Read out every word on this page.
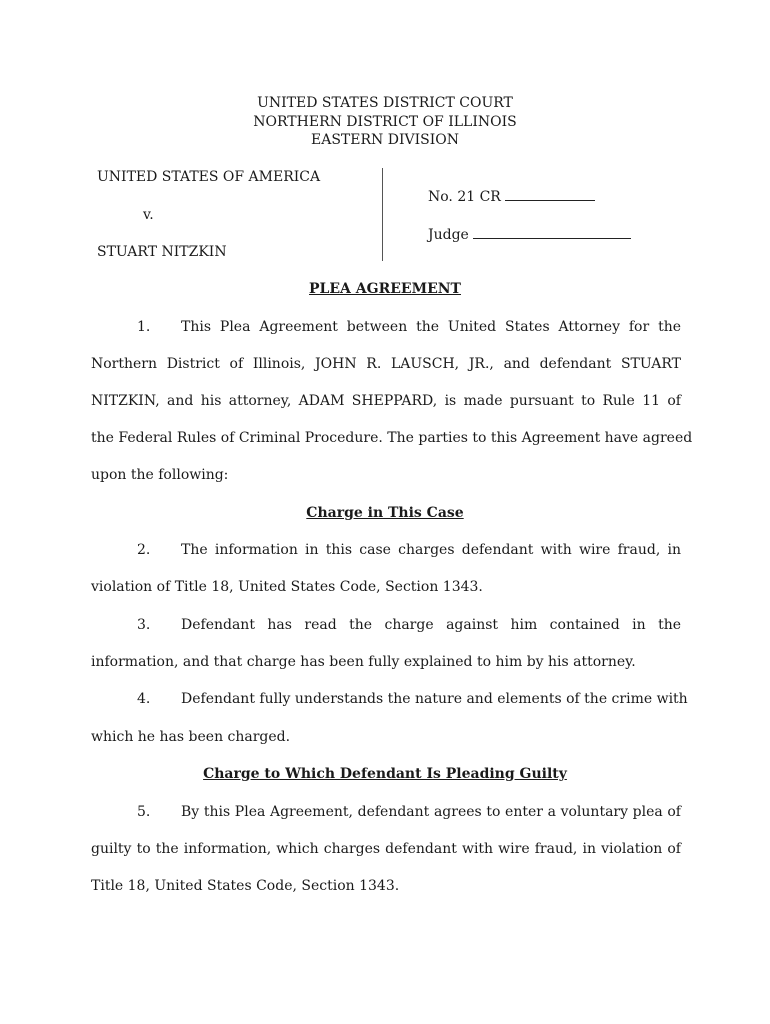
UNITED STATES DISTRICT COURT
NORTHERN DISTRICT OF ILLINOIS
EASTERN DIVISION
UNITED STATES OF AMERICA
v.
STUART NITZKIN
No. 21 CR
Judge
PLEA AGREEMENT
1. This Plea Agreement between the United States Attorney for the
Northern District of Illinois, JOHN R. LAUSCH, JR., and defendant STUART
NITZKIN, and his attorney, ADAM SHEPPARD, is made pursuant to Rule 11 of
the Federal Rules of Criminal Procedure. The parties to this Agreement have agreed
upon the following:
Charge in This Case
2. The information in this case charges defendant with wire fraud, in
violation of Title 18, United States Code, Section 1343.
3. Defendant has read the charge against him contained in the
information, and that charge has been fully explained to him by his attorney.
4. Defendant fully understands the nature and elements of the crime with
which he has been charged.
Charge to Which Defendant Is Pleading Guilty
5. By this Plea Agreement, defendant agrees to enter a voluntary plea of
guilty to the information, which charges defendant with wire fraud, in violation of
Title 18, United States Code, Section 1343.
